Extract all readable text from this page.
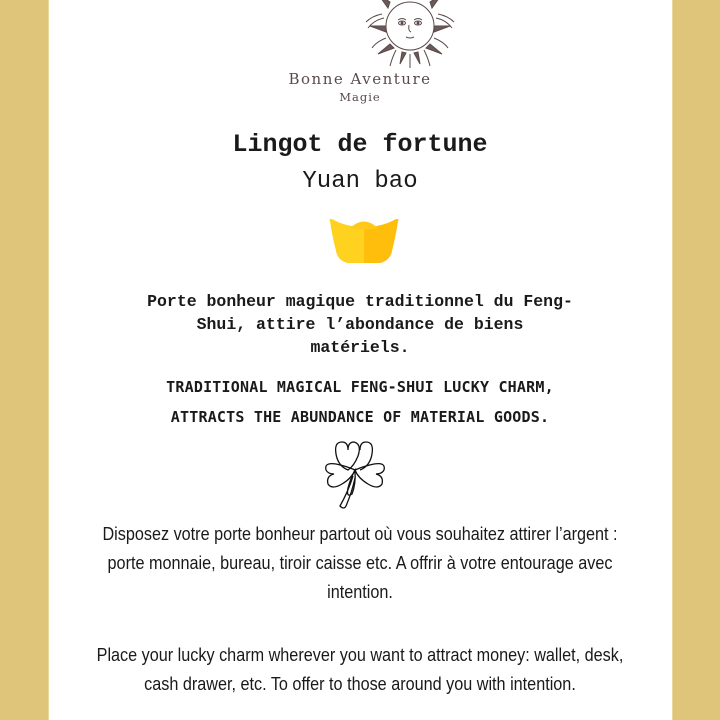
Bonne Aventure
Magie
Lingot de fortune
Yuan bao
Porte bonheur magique traditionnel du Feng-
Shui, attire l’abondance de biens
matériels.
TRADITIONAL MAGICAL FENG-SHUI LUCKY CHARM,
ATTRACTS THE ABUNDANCE OF MATERIAL GOODS.
Disposez votre porte bonheur partout où vous souhaitez attirer l’argent :
porte monnaie, bureau, tiroir caisse etc. A offrir à votre entourage avec
intention.
Place your lucky charm wherever you want to attract money: wallet, desk,
cash drawer, etc. To offer to those around you with intention.
